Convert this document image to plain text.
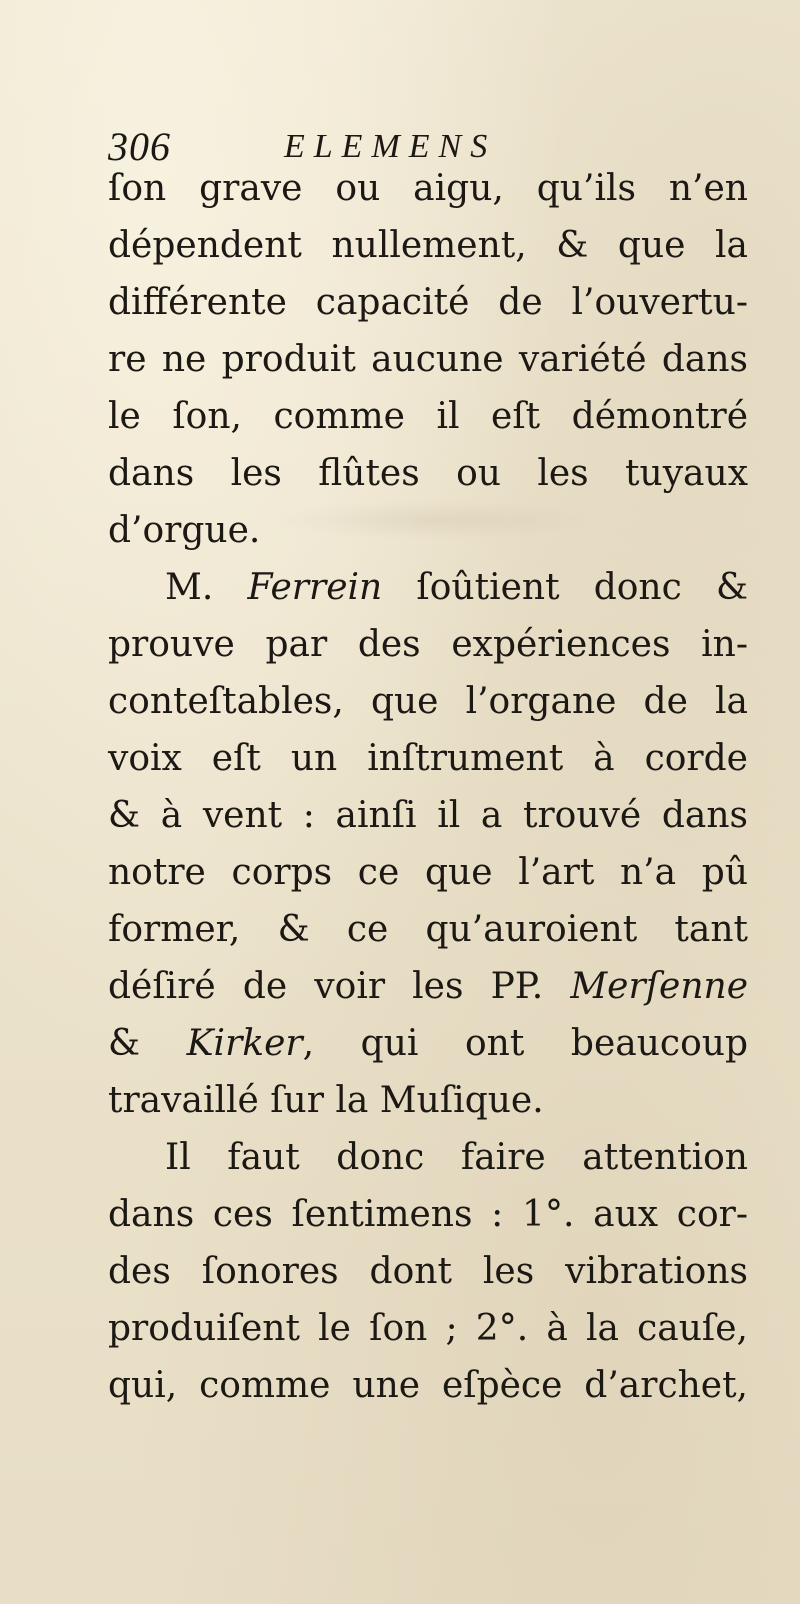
306	ELEMENS
ſon grave ou aigu, qu’ils n’en
dépendent nullement, & que la
différente capacité de l’ouvertu-
re ne produit aucune variété dans
le ſon, comme il eſt démontré
dans les flûtes ou les tuyaux
d’orgue.
M. Ferrein ſoûtient donc &
prouve par des expériences in-
conteſtables, que l’organe de la
voix eſt un inſtrument à corde
& à vent : ainſi il a trouvé dans
notre corps ce que l’art n’a pû
former, & ce qu’auroient tant
déſiré de voir les PP. Merſenne
& Kirker, qui ont beaucoup
travaillé ſur la Muſique.
Il faut donc faire attention
dans ces ſentimens : 1°. aux cor-
des ſonores dont les vibrations
produiſent le ſon ; 2°. à la cauſe,
qui, comme une eſpèce d’archet,
